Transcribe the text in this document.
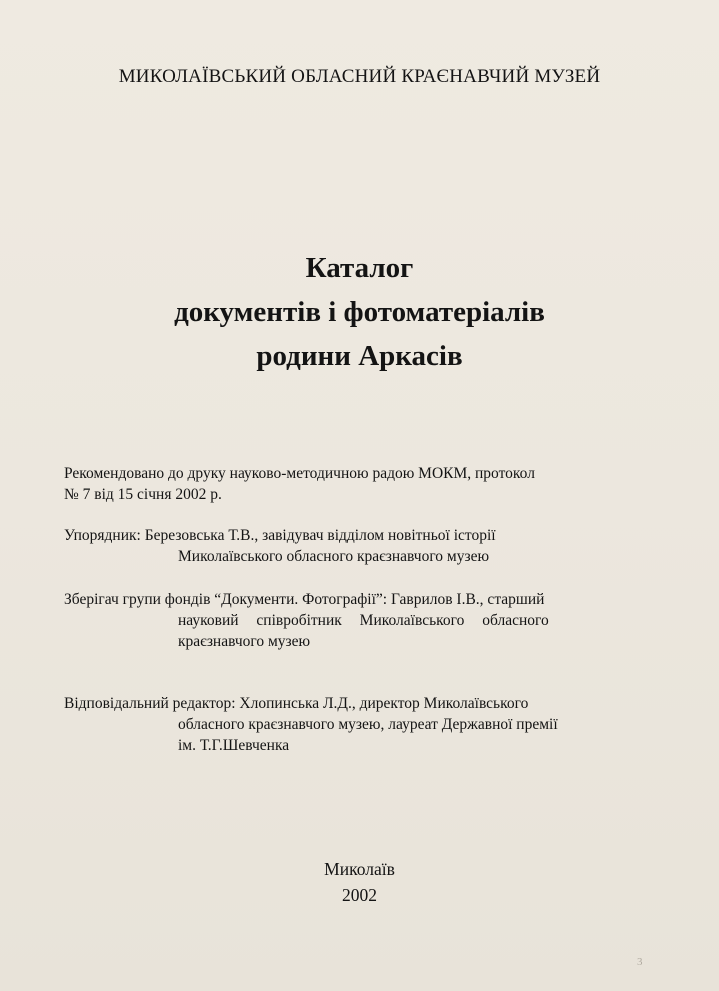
МИКОЛАЇВСЬКИЙ ОБЛАСНИЙ КРАЄНАВЧИЙ МУЗЕЙ
Каталог
документів і фотоматеріалів
родини Аркасів
Рекомендовано до друку науково-методичною радою МОКМ, протокол
№ 7 від 15 січня 2002 р.
Упорядник: Березовська Т.В., завідувач відділом новітньої історії
Миколаївського обласного краєзнавчого музею
Зберігач групи фондів “Документи. Фотографії”: Гаврилов І.В., старший
науковий співробітник Миколаївського обласного
краєзнавчого музею
Відповідальний редактор: Хлопинська Л.Д., директор Миколаївського
обласного краєзнавчого музею, лауреат Державної премії
ім. Т.Г.Шевченка
Миколаїв
2002
3
